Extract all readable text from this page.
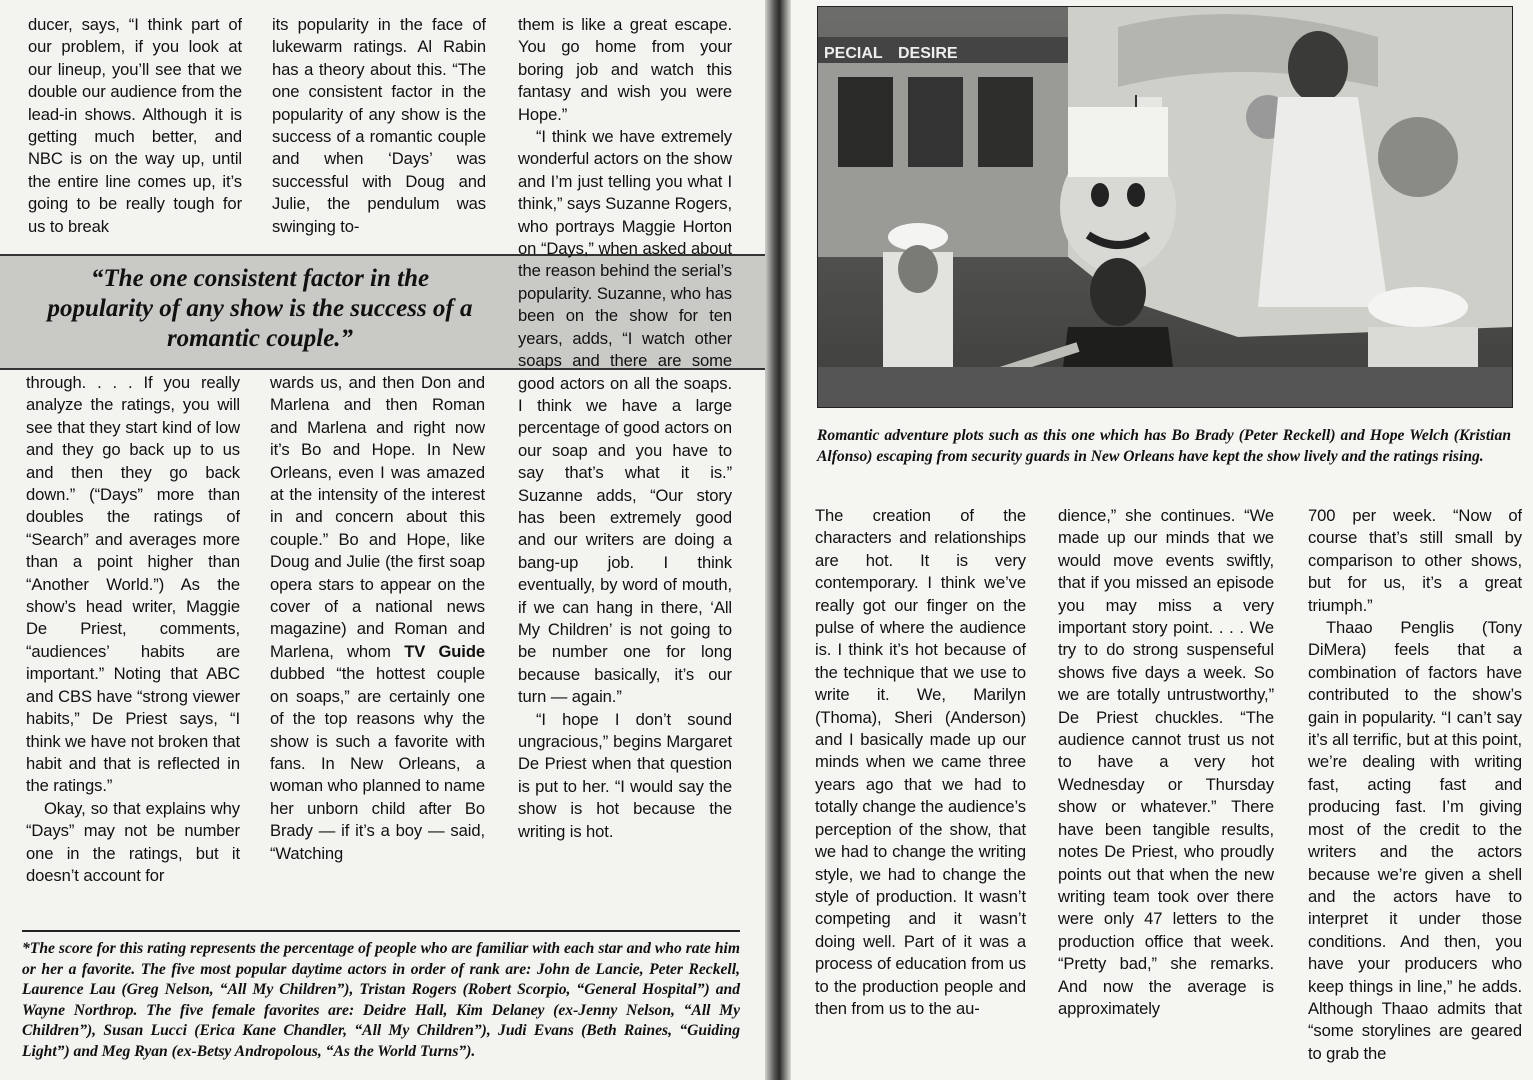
ducer, says, “I think part of our problem, if you look at our lineup, you’ll see that we double our audience from the lead-in shows. Although it is getting much better, and NBC is on the way up, until the entire line comes up, it’s going to be really tough for us to break

its popularity in the face of lukewarm ratings. Al Rabin has a theory about this. “The one consistent factor in the popularity of any show is the success of a romantic couple and when ‘Days’ was successful with Doug and Julie, the pendulum was swinging to-

“The one consistent factor in the popularity of any show is the success of a romantic couple.”

through. . . . If you really analyze the ratings, you will see that they start kind of low and they go back up to us and then they go back down.” (“Days” more than doubles the ratings of “Search” and averages more than a point higher than “Another World.”) As the show’s head writer, Maggie De Priest, comments, “audiences’ habits are important.” Noting that ABC and CBS have “strong viewer habits,” De Priest says, “I think we have not broken that habit and that is reflected in the ratings.”

Okay, so that explains why “Days” may not be number one in the ratings, but it doesn’t account for

wards us, and then Don and Marlena and then Roman and Marlena and right now it’s Bo and Hope. In New Orleans, even I was amazed at the intensity of the interest in and concern about this couple.” Bo and Hope, like Doug and Julie (the first soap opera stars to appear on the cover of a national news magazine) and Roman and Marlena, whom TV Guide dubbed “the hottest couple on soaps,” are certainly one of the top reasons why the show is such a favorite with fans. In New Orleans, a woman who planned to name her unborn child after Bo Brady — if it’s a boy — said, “Watching

them is like a great escape. You go home from your boring job and watch this fantasy and wish you were Hope.”

“I think we have extremely wonderful actors on the show and I’m just telling you what I think,” says Suzanne Rogers, who portrays Maggie Horton on “Days,” when asked about the reason behind the serial’s popularity. Suzanne, who has been on the show for ten years, adds, “I watch other soaps and there are some good actors on all the soaps. I think we have a large percentage of good actors on our soap and you have to say that’s what it is.” Suzanne adds, “Our story has been extremely good and our writers are doing a bang-up job. I think eventually, by word of mouth, if we can hang in there, ‘All My Children’ is not going to be number one for long because basically, it’s our turn — again.”

“I hope I don’t sound ungracious,” begins Margaret De Priest when that question is put to her. “I would say the show is hot because the writing is hot.

*The score for this rating represents the percentage of people who are familiar with each star and who rate him or her a favorite. The five most popular daytime actors in order of rank are: John de Lancie, Peter Reckell, Laurence Lau (Greg Nelson, “All My Children”), Tristan Rogers (Robert Scorpio, “General Hospital”) and Wayne Northrop. The five female favorites are: Deidre Hall, Kim Delaney (ex-Jenny Nelson, “All My Children”), Susan Lucci (Erica Kane Chandler, “All My Children”), Judi Evans (Beth Raines, “Guiding Light”) and Meg Ryan (ex-Betsy Andropolous, “As the World Turns”).
PECIAL DESIRE
Romantic adventure plots such as this one which has Bo Brady (Peter Reckell) and Hope Welch (Kristian Alfonso) escaping from security guards in New Orleans have kept the show lively and the ratings rising.

The creation of the characters and relationships are hot. It is very contemporary. I think we’ve really got our finger on the pulse of where the audience is. I think it’s hot because of the technique that we use to write it. We, Marilyn (Thoma), Sheri (Anderson) and I basically made up our minds when we came three years ago that we had to totally change the audience’s perception of the show, that we had to change the writing style, we had to change the style of production. It wasn’t competing and it wasn’t doing well. Part of it was a process of education from us to the production people and then from us to the au-

dience,” she continues. “We made up our minds that we would move events swiftly, that if you missed an episode you may miss a very important story point. . . . We try to do strong suspenseful shows five days a week. So we are totally untrustworthy,” De Priest chuckles. “The audience cannot trust us not to have a very hot Wednesday or Thursday show or whatever.” There have been tangible results, notes De Priest, who proudly points out that when the new writing team took over there were only 47 letters to the production office that week. “Pretty bad,” she remarks. And now the average is approximately

700 per week. “Now of course that’s still small by comparison to other shows, but for us, it’s a great triumph.”

Thaao Penglis (Tony DiMera) feels that a combination of factors have contributed to the show’s gain in popularity. “I can’t say it’s all terrific, but at this point, we’re dealing with writing fast, acting fast and producing fast. I’m giving most of the credit to the writers and the actors because we’re given a shell and the actors have to interpret it under those conditions. And then, you have your producers who keep things in line,” he adds. Although Thaao admits that “some storylines are geared to grab the
